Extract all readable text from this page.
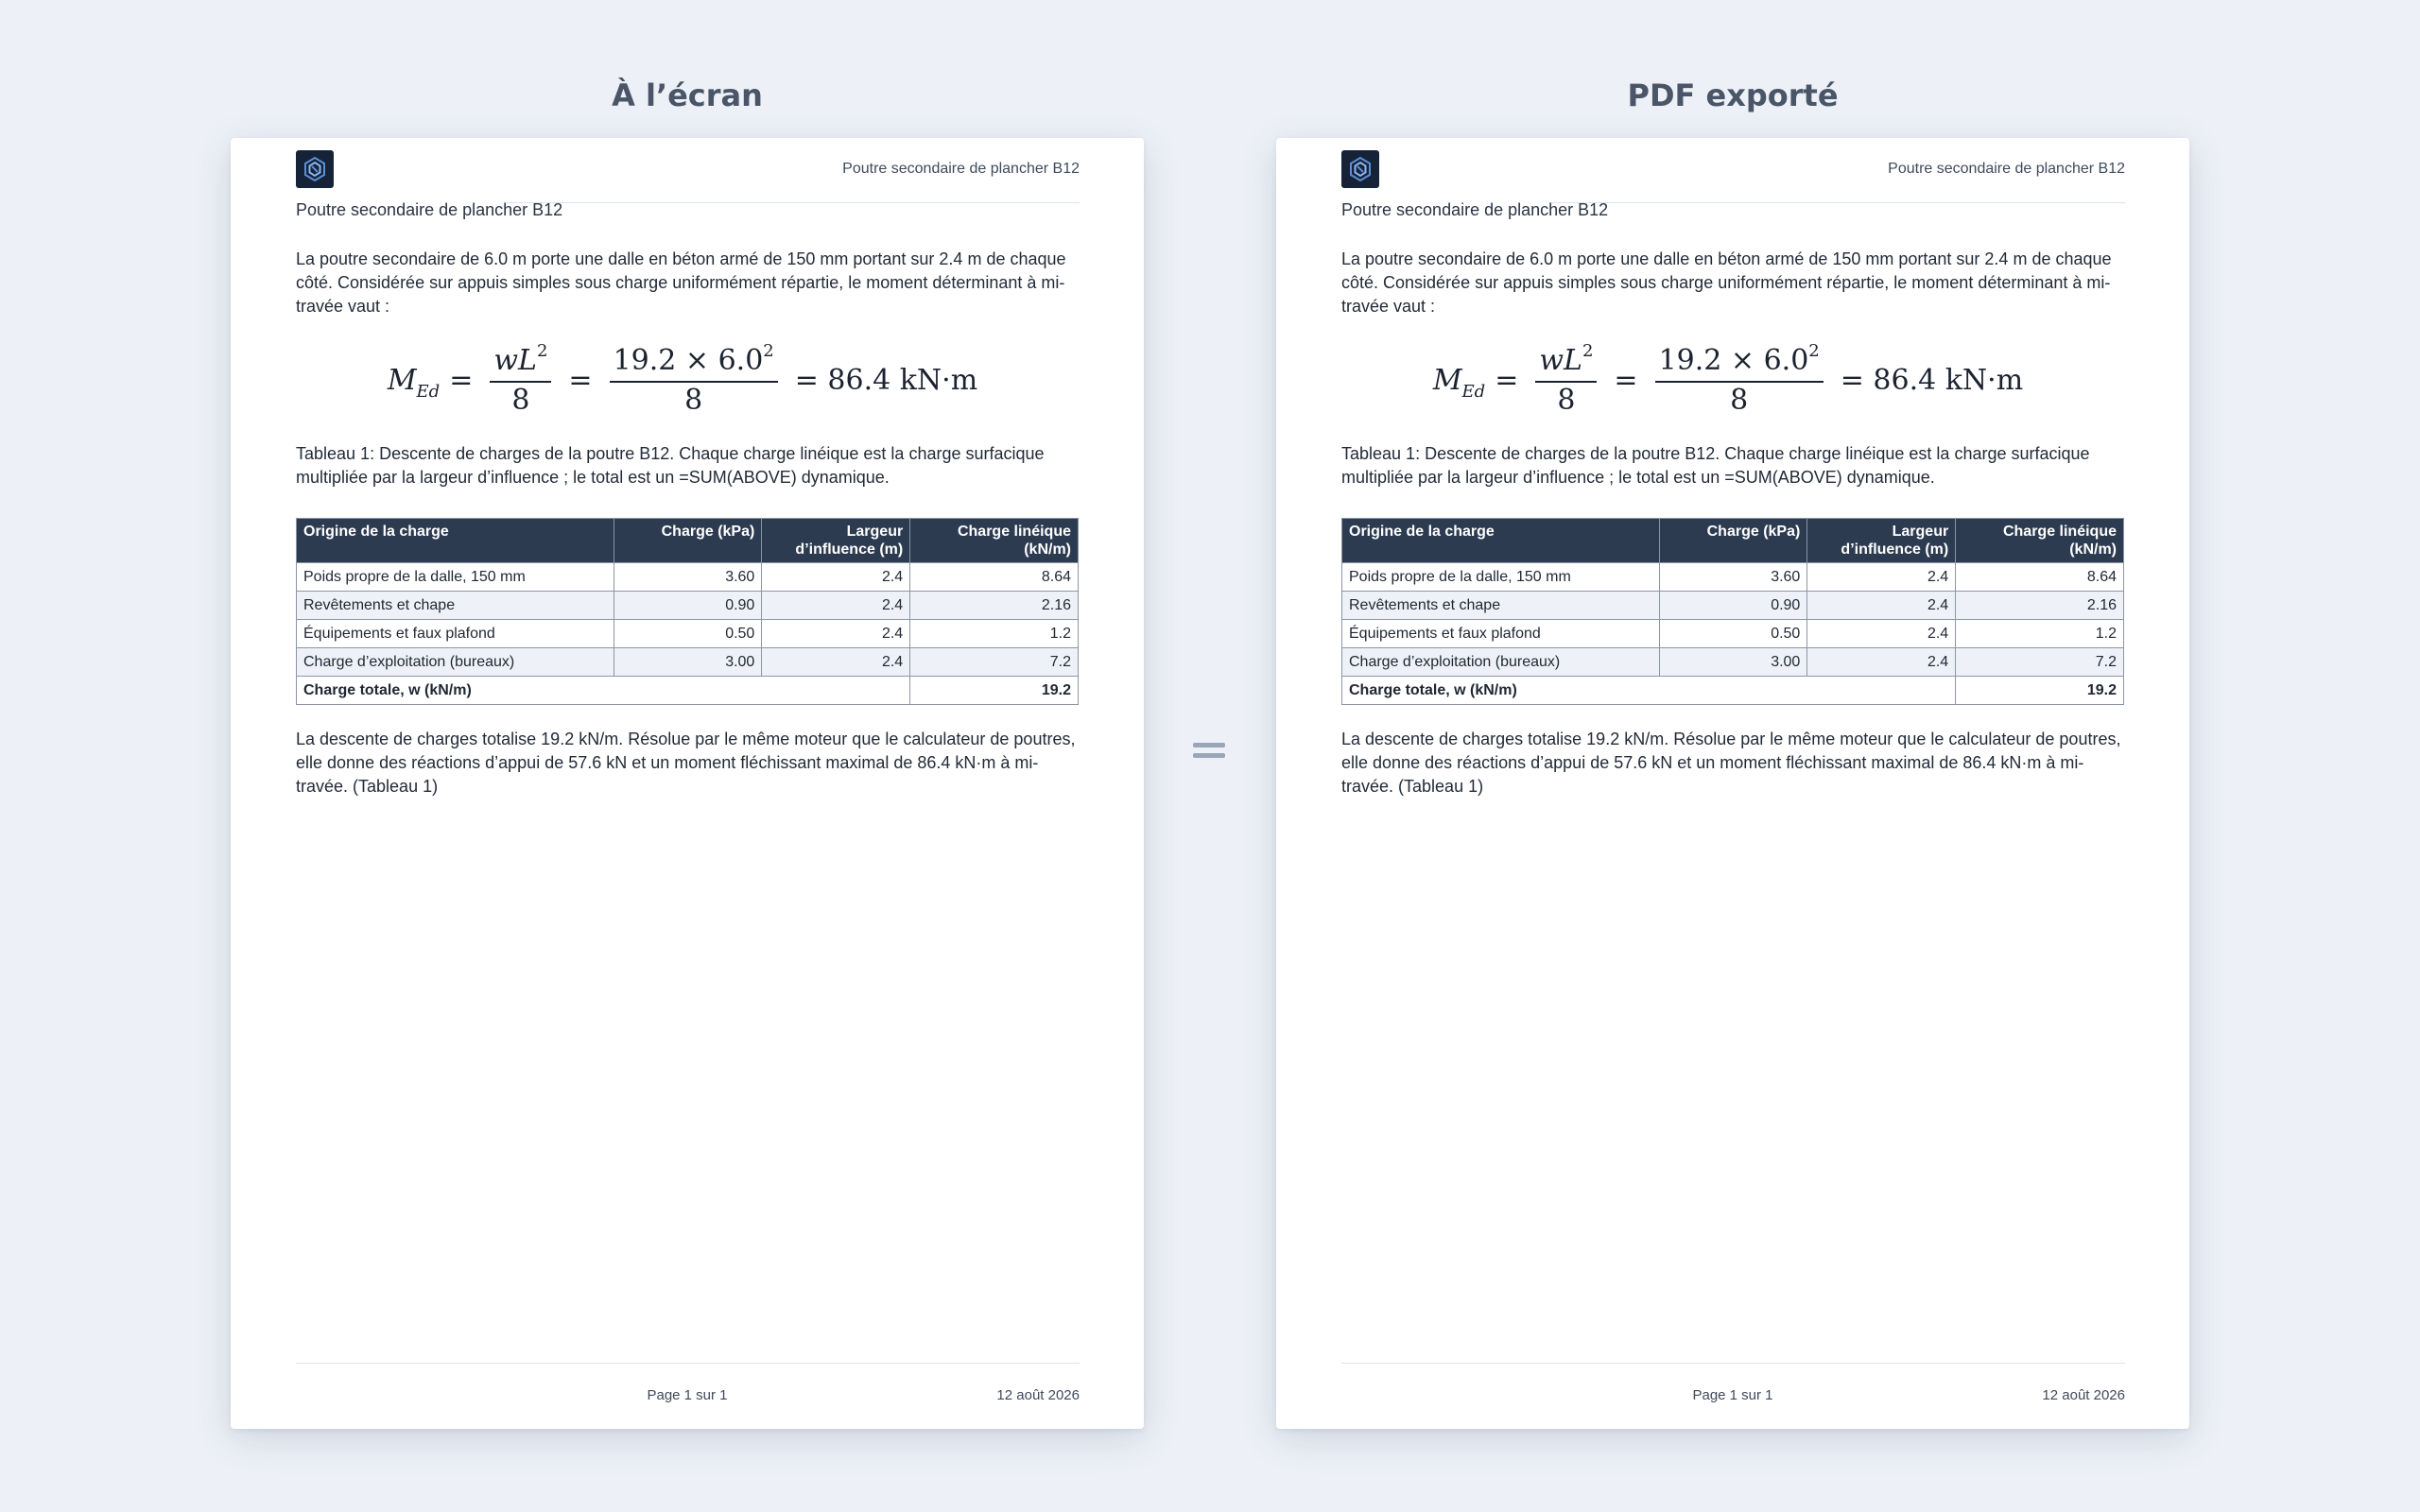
À l’écran	PDF exporté
Poutre secondaire de plancher B12
Poutre secondaire de plancher B12
La poutre secondaire de 6.0 m porte une dalle en béton armé de 150 mm portant sur 2.4 m de chaque côté. Considérée sur appuis simples sous charge uniformément répartie, le moment déterminant à mi-travée vaut :
$M_{Ed} = \frac{wL^2}{8} = \frac{19.2 \times 6.0^2}{8} = 86.4$ kN·m
Tableau 1: Descente de charges de la poutre B12. Chaque charge linéique est la charge surfacique multipliée par la largeur d’influence ; le total est un =SUM(ABOVE) dynamique.
Origine de la charge	Charge (kPa)	Largeur d’influence (m)	Charge linéique (kN/m)
Poids propre de la dalle, 150 mm	3.60	2.4	8.64
Revêtements et chape	0.90	2.4	2.16
Équipements et faux plafond	0.50	2.4	1.2
Charge d’exploitation (bureaux)	3.00	2.4	7.2
Charge totale, w (kN/m)			19.2
La descente de charges totalise 19.2 kN/m. Résolue par le même moteur que le calculateur de poutres, elle donne des réactions d’appui de 57.6 kN et un moment fléchissant maximal de 86.4 kN·m à mi-travée. (Tableau 1)
Page 1 sur 1	12 août 2026
Poutre secondaire de plancher B12
Poutre secondaire de plancher B12
La poutre secondaire de 6.0 m porte une dalle en béton armé de 150 mm portant sur 2.4 m de chaque côté. Considérée sur appuis simples sous charge uniformément répartie, le moment déterminant à mi-travée vaut :
$M_{Ed} = \frac{wL^2}{8} = \frac{19.2 \times 6.0^2}{8} = 86.4$ kN·m
Tableau 1: Descente de charges de la poutre B12. Chaque charge linéique est la charge surfacique multipliée par la largeur d’influence ; le total est un =SUM(ABOVE) dynamique.
Origine de la charge	Charge (kPa)	Largeur d’influence (m)	Charge linéique (kN/m)
Poids propre de la dalle, 150 mm	3.60	2.4	8.64
Revêtements et chape	0.90	2.4	2.16
Équipements et faux plafond	0.50	2.4	1.2
Charge d’exploitation (bureaux)	3.00	2.4	7.2
Charge totale, w (kN/m)			19.2
La descente de charges totalise 19.2 kN/m. Résolue par le même moteur que le calculateur de poutres, elle donne des réactions d’appui de 57.6 kN et un moment fléchissant maximal de 86.4 kN·m à mi-travée. (Tableau 1)
Page 1 sur 1	12 août 2026
